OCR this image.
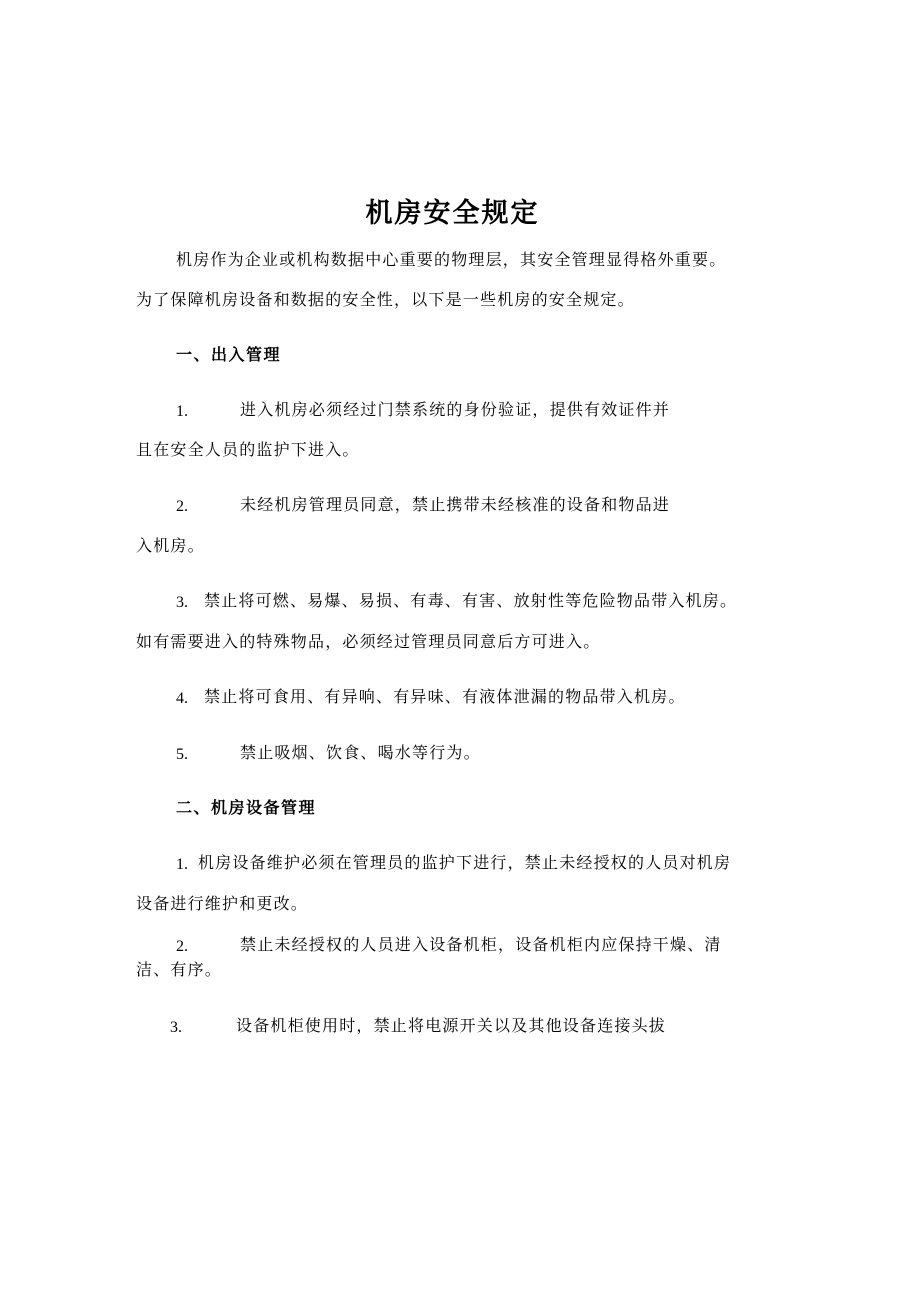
机房安全规定
机房作为企业或机构数据中心重要的物理层，其安全管理显得格外重要。
为了保障机房设备和数据的安全性，以下是一些机房的安全规定。
一、出入管理
1.	进入机房必须经过门禁系统的身份验证，提供有效证件并
且在安全人员的监护下进入。
2.	未经机房管理员同意，禁止携带未经核准的设备和物品进
入机房。
3. 禁止将可燃、易爆、易损、有毒、有害、放射性等危险物品带入机房。
如有需要进入的特殊物品，必须经过管理员同意后方可进入。
4. 禁止将可食用、有异响、有异味、有液体泄漏的物品带入机房。
5.	禁止吸烟、饮食、喝水等行为。
二、机房设备管理
1. 机房设备维护必须在管理员的监护下进行，禁止未经授权的人员对机房
设备进行维护和更改。
2.	禁止未经授权的人员进入设备机柜，设备机柜内应保持干燥、清
洁、有序。
3.	设备机柜使用时，禁止将电源开关以及其他设备连接头拔
